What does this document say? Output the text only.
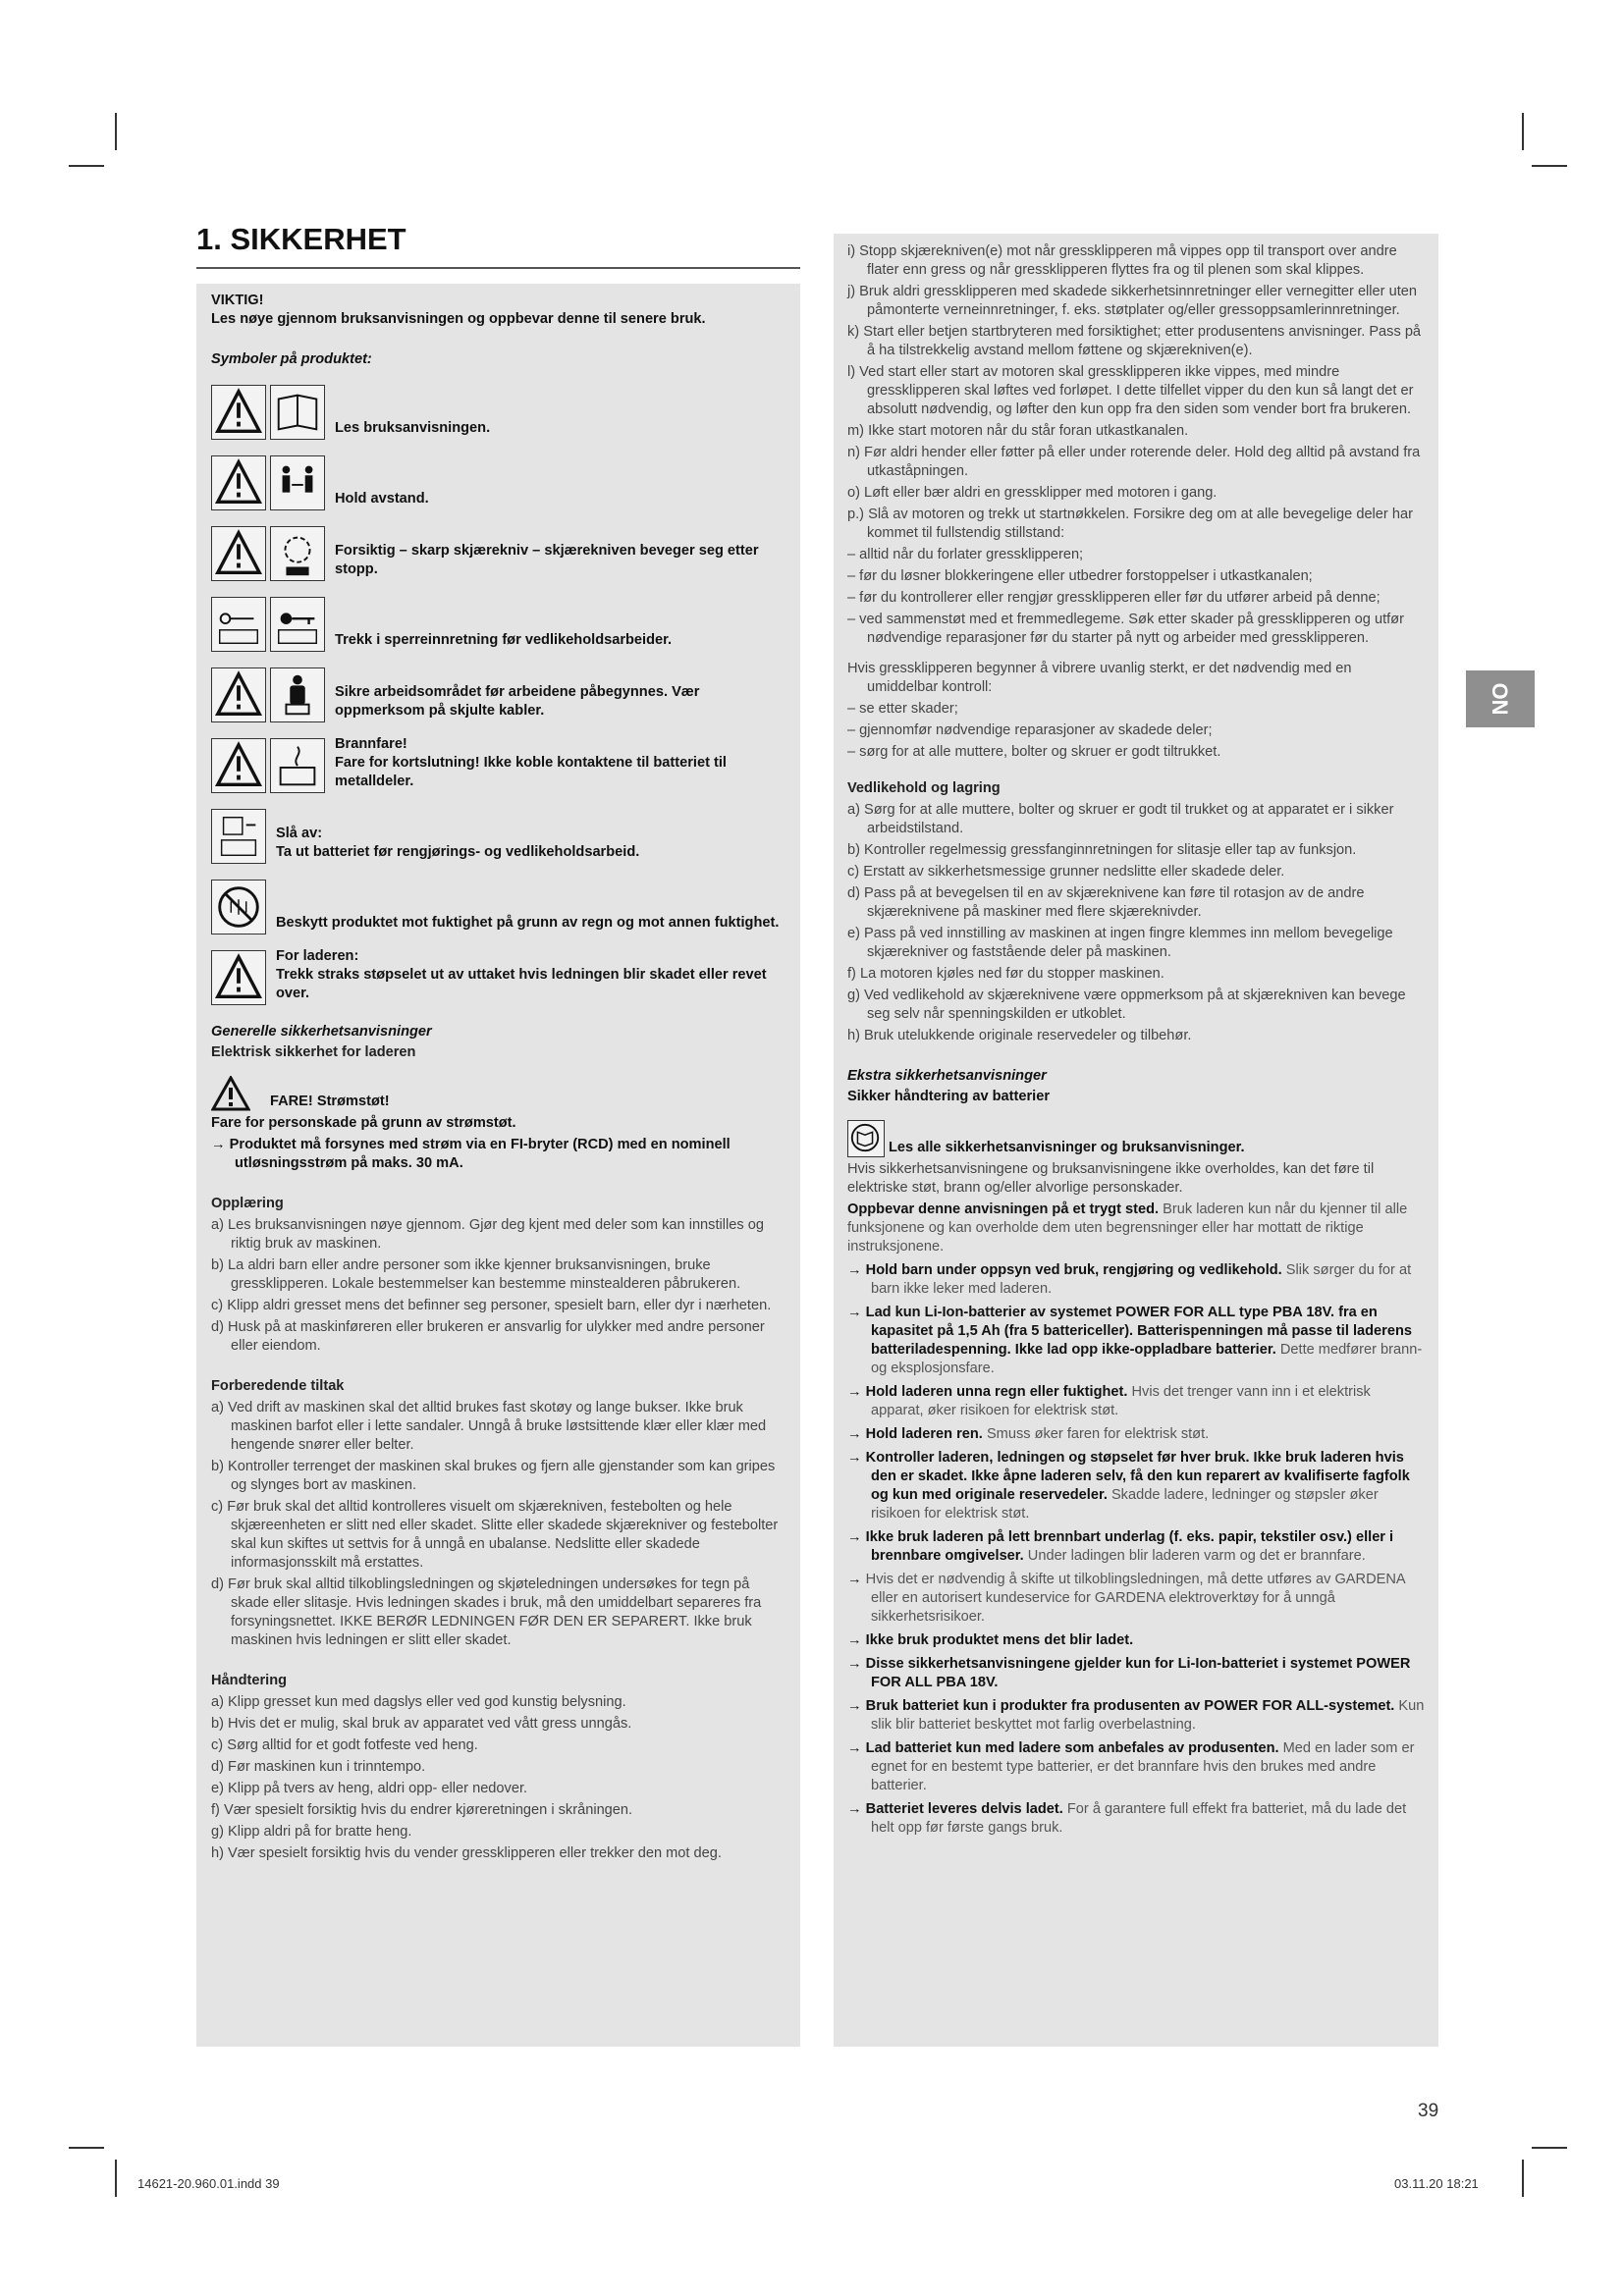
1. SIKKERHET
VIKTIG!
Les nøye gjennom bruksanvisningen og oppbevar denne til senere bruk.
Symboler på produktet:
Les bruksanvisningen.
Hold avstand.
Forsiktig – skarp skjærekniv – skjærekniven beveger seg etter stopp.
Trekk i sperreinnretning før vedlikeholdsarbeider.
Sikre arbeidsområdet før arbeidene påbegynnes. Vær oppmerksom på skjulte kabler.
Brannfare!
Fare for kortslutning! Ikke koble kontaktene til batteriet til metalldeler.
Slå av:
Ta ut batteriet før rengjørings- og vedlikeholdsarbeid.
Beskytt produktet mot fuktighet på grunn av regn og mot annen fuktighet.
For laderen:
Trekk straks støpselet ut av uttaket hvis ledningen blir skadet eller revet over.
Generelle sikkerhetsanvisninger
Elektrisk sikkerhet for laderen
FARE! Strømstøt!
Fare for personskade på grunn av strømstøt.
→ Produktet må forsynes med strøm via en FI-bryter (RCD) med en nominell utløsningsstrøm på maks. 30 mA.
Opplæring
a) Les bruksanvisningen nøye gjennom. Gjør deg kjent med deler som kan innstilles og riktig bruk av maskinen.
b) La aldri barn eller andre personer som ikke kjenner bruksanvisningen, bruke gressklipperen. Lokale bestemmelser kan bestemme minstealderen påbrukeren.
c) Klipp aldri gresset mens det befinner seg personer, spesielt barn, eller dyr i nærheten.
d) Husk på at maskinføreren eller brukeren er ansvarlig for ulykker med andre personer eller eiendom.
Forberedende tiltak
a) Ved drift av maskinen skal det alltid brukes fast skotøy og lange bukser. Ikke bruk maskinen barfot eller i lette sandaler. Unngå å bruke løstsittende klær eller klær med hengende snører eller belter.
b) Kontroller terrenget der maskinen skal brukes og fjern alle gjenstander som kan gripes og slynges bort av maskinen.
c) Før bruk skal det alltid kontrolleres visuelt om skjærekniven, festebolten og hele skjæreenheten er slitt ned eller skadet. Slitte eller skadede skjærekniver og festebolter skal kun skiftes ut settvis for å unngå en ubalanse. Nedslitte eller skadede informasjonsskilt må erstattes.
d) Før bruk skal alltid tilkoblingsledningen og skjøteledningen undersøkes for tegn på skade eller slitasje. Hvis ledningen skades i bruk, må den umiddelbart separeres fra forsyningsnettet. IKKE BERØR LEDNINGEN FØR DEN ER SEPARERT. Ikke bruk maskinen hvis ledningen er slitt eller skadet.
Håndtering
a) Klipp gresset kun med dagslys eller ved god kunstig belysning.
b) Hvis det er mulig, skal bruk av apparatet ved vått gress unngås.
c) Sørg alltid for et godt fotfeste ved heng.
d) Før maskinen kun i trinntempo.
e) Klipp på tvers av heng, aldri opp- eller nedover.
f) Vær spesielt forsiktig hvis du endrer kjøreretningen i skråningen.
g) Klipp aldri på for bratte heng.
h) Vær spesielt forsiktig hvis du vender gressklipperen eller trekker den mot deg.
i) Stopp skjærekniven(e) mot når gressklipperen må vippes opp til transport over andre flater enn gress og når gressklipperen flyttes fra og til plenen som skal klippes.
j) Bruk aldri gressklipperen med skadede sikkerhetsinnretninger eller vernegitter eller uten påmonterte verneinnretninger, f. eks. støtplater og/eller gressoppsamlerinnretninger.
k) Start eller betjen startbryteren med forsiktighet; etter produsentens anvisninger. Pass på å ha tilstrekkelig avstand mellom føttene og skjærekniven(e).
l) Ved start eller start av motoren skal gressklipperen ikke vippes, med mindre gressklipperen skal løftes ved forløpet. I dette tilfellet vipper du den kun så langt det er absolutt nødvendig, og løfter den kun opp fra den siden som vender bort fra brukeren.
m) Ikke start motoren når du står foran utkastkanalen.
n) Før aldri hender eller føtter på eller under roterende deler. Hold deg alltid på avstand fra utkaståpningen.
o) Løft eller bær aldri en gressklipper med motoren i gang.
p.) Slå av motoren og trekk ut startnøkkelen. Forsikre deg om at alle bevegelige deler har kommet til fullstendig stillstand:
– alltid når du forlater gressklipperen;
– før du løsner blokkeringene eller utbedrer forstoppelser i utkastkanalen;
– før du kontrollerer eller rengjør gressklipperen eller før du utfører arbeid på denne;
– ved sammenstøt med et fremmedlegeme. Søk etter skader på gressklipperen og utfør nødvendige reparasjoner før du starter på nytt og arbeider med gressklipperen.
Hvis gressklipperen begynner å vibrere uvanlig sterkt, er det nødvendig med en umiddelbar kontroll:
– se etter skader;
– gjennomfør nødvendige reparasjoner av skadede deler;
– sørg for at alle muttere, bolter og skruer er godt tiltrukket.
Vedlikehold og lagring
a) Sørg for at alle muttere, bolter og skruer er godt til trukket og at apparatet er i sikker arbeidstilstand.
b) Kontroller regelmessig gressfanginnretningen for slitasje eller tap av funksjon.
c) Erstatt av sikkerhetsmessige grunner nedslitte eller skadede deler.
d) Pass på at bevegelsen til en av skjæreknivene kan føre til rotasjon av de andre skjæreknivene på maskiner med flere skjæreknivder.
e) Pass på ved innstilling av maskinen at ingen fingre klemmes inn mellom bevegelige skjærekniver og faststående deler på maskinen.
f) La motoren kjøles ned før du stopper maskinen.
g) Ved vedlikehold av skjæreknivene være oppmerksom på at skjærekniven kan bevege seg selv når spenningskilden er utkoblet.
h) Bruk utelukkende originale reservedeler og tilbehør.
Ekstra sikkerhetsanvisninger
Sikker håndtering av batterier
Les alle sikkerhetsanvisninger og bruksanvisninger.
Hvis sikkerhetsanvisningene og bruksanvisningene ikke overholdes, kan det føre til elektriske støt, brann og/eller alvorlige personskader.
Oppbevar denne anvisningen på et trygt sted. Bruk laderen kun når du kjenner til alle funksjonene og kan overholde dem uten begrensninger eller har mottatt de riktige instruksjonene.
→ Hold barn under oppsyn ved bruk, rengjøring og vedlikehold. Slik sørger du for at barn ikke leker med laderen.
→ Lad kun Li-Ion-batterier av systemet POWER FOR ALL type PBA 18V. fra en kapasitet på 1,5 Ah (fra 5 battericeller). Batterispenningen må passe til laderens batteriladespenning. Ikke lad opp ikke-oppladbare batterier. Dette medfører brann- og eksplosjonsfare.
→ Hold laderen unna regn eller fuktighet. Hvis det trenger vann inn i et elektrisk apparat, øker risikoen for elektrisk støt.
→ Hold laderen ren. Smuss øker faren for elektrisk støt.
→ Kontroller laderen, ledningen og støpselet før hver bruk. Ikke bruk laderen hvis den er skadet. Ikke åpne laderen selv, få den kun reparert av kvalifiserte fagfolk og kun med originale reservedeler. Skadde ladere, ledninger og støpsler øker risikoen for elektrisk støt.
→ Ikke bruk laderen på lett brennbart underlag (f. eks. papir, tekstiler osv.) eller i brennbare omgivelser. Under ladingen blir laderen varm og det er brannfare.
→ Hvis det er nødvendig å skifte ut tilkoblingsledningen, må dette utføres av GARDENA eller en autorisert kundeservice for GARDENA elektroverktøy for å unngå sikkerhetsrisikoer.
→ Ikke bruk produktet mens det blir ladet.
→ Disse sikkerhetsanvisningene gjelder kun for Li-Ion-batteriet i systemet POWER FOR ALL PBA 18V.
→ Bruk batteriet kun i produkter fra produsenten av POWER FOR ALL-systemet. Kun slik blir batteriet beskyttet mot farlig overbelastning.
→ Lad batteriet kun med ladere som anbefales av produsenten. Med en lader som er egnet for en bestemt type batterier, er det brannfare hvis den brukes med andre batterier.
→ Batteriet leveres delvis ladet. For å garantere full effekt fra batteriet, må du lade det helt opp før første gangs bruk.
NO
39
14621-20.960.01.indd 39	03.11.20 18:21
